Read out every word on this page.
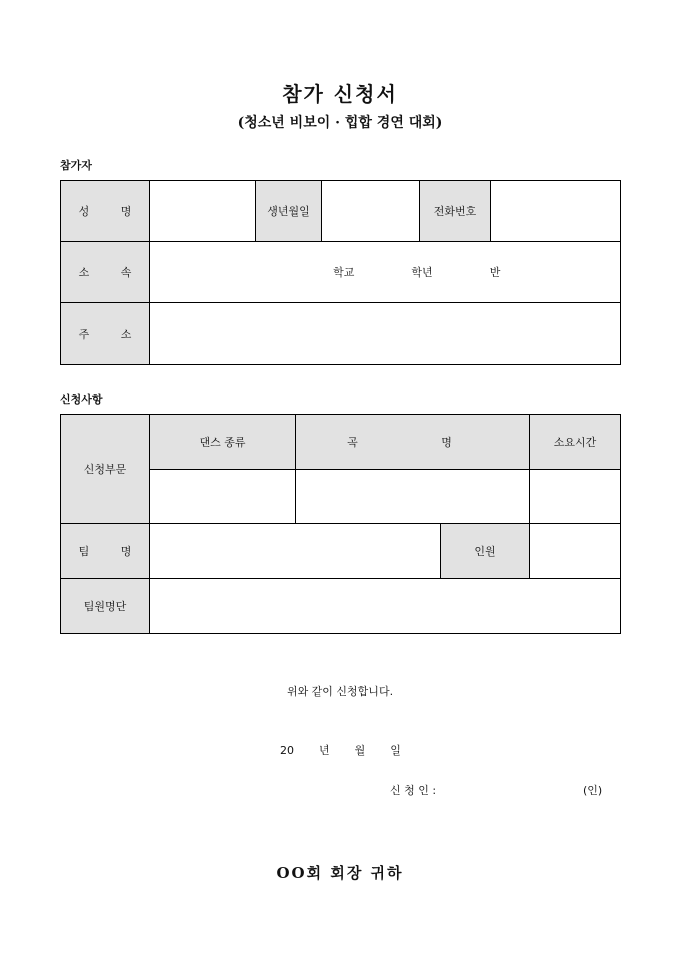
참가 신청서
(청소년 비보이 · 힙합 경연 대회)
참가자
성 명		생년월일		전화번호	
소 속	학교 학년 반				
주 소					
신청사항
신청부문	댄스 종류	곡 명		소요시간

팀 명			인원	
팀원명단				
위와 같이 신청합니다.
20 년 월 일
신 청 인 :	(인)
OO회 회장 귀하
